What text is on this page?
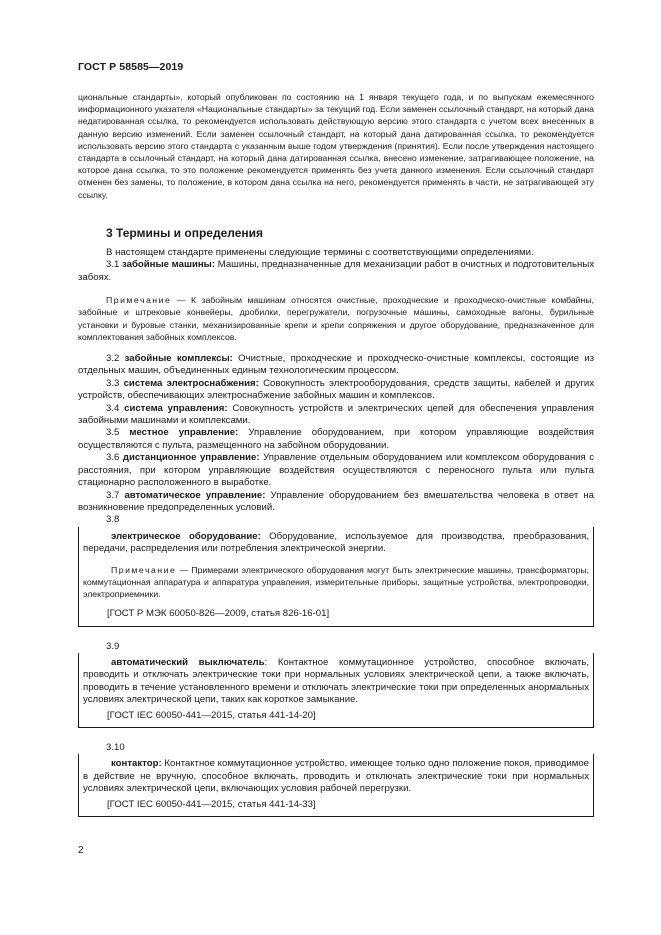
ГОСТ Р 58585—2019

циональные стандарты», который опубликован по состоянию на 1 января текущего года, и по выпускам ежемесячного информационного указателя «Национальные стандарты» за текущий год. Если заменен ссылочный стандарт, на который дана недатированная ссылка, то рекомендуется использовать действующую версию этого стандарта с учетом всех внесенных в данную версию изменений. Если заменен ссылочный стандарт, на который дана датированная ссылка, то рекомендуется использовать версию этого стандарта с указанным выше годом утверждения (принятия). Если после утверждения настоящего стандарта в ссылочный стандарт, на который дана датированная ссылка, внесено изменение, затрагивающее положение, на которое дана ссылка, то это положение рекомендуется применять без учета данного изменения. Если ссылочный стандарт отменен без замены, то положение, в котором дана ссылка на него, рекомендуется применять в части, не затрагивающей эту ссылку.

3 Термины и определения

В настоящем стандарте применены следующие термины с соответствующими определениями.

3.1 забойные машины: Машины, предназначенные для механизации работ в очистных и подготовительных забоях.

Примечание — К забойным машинам относятся очистные, проходческие и проходческо-очистные комбайны, забойные и штрековые конвейеры, дробилки, перегружатели, погрузочные машины, самоходные вагоны, бурильные установки и буровые станки, механизированные крепи и крепи сопряжения и другое оборудование, предназначенное для комплектования забойных комплексов.

3.2 забойные комплексы: Очистные, проходческие и проходческо-очистные комплексы, состоящие из отдельных машин, объединенных единым технологическим процессом.

3.3 система электроснабжения: Совокупность электрооборудования, средств защиты, кабелей и других устройств, обеспечивающих электроснабжение забойных машин и комплексов.

3.4 система управления: Совокупность устройств и электрических цепей для обеспечения управления забойными машинами и комплексами.

3.5 местное управление: Управление оборудованием, при котором управляющие воздействия осуществляются с пульта, размещенного на забойном оборудовании.

3.6 дистанционное управление: Управление отдельным оборудованием или комплексом оборудования с расстояния, при котором управляющие воздействия осуществляются с переносного пульта или пульта стационарно расположенного в выработке.

3.7 автоматическое управление: Управление оборудованием без вмешательства человека в ответ на возникновение предопределенных условий.

3.8

электрическое оборудование: Оборудование, используемое для производства, преобразования, передачи, распределения или потребления электрической энергии.

Примечание — Примерами электрического оборудования могут быть электрические машины, трансформаторы, коммутационная аппаратура и аппаратура управления, измерительные приборы, защитные устройства, электропроводки, электроприемники.

[ГОСТ Р МЭК 60050-826—2009, статья 826-16-01]

3.9

автоматический выключатель: Контактное коммутационное устройство, способное включать, проводить и отключать электрические токи при нормальных условиях электрической цепи, а также включать, проводить в течение установленного времени и отключать электрические токи при определенных анормальных условиях электрической цепи, таких как короткое замыкание.

[ГОСТ IEC 60050-441—2015, статья 441-14-20]

3.10

контактор: Контактное коммутационное устройство, имеющее только одно положение покоя, приводимое в действие не вручную, способное включать, проводить и отключать электрические токи при нормальных условиях электрической цепи, включающих условия рабочей перегрузки.

[ГОСТ IEC 60050-441—2015, статья 441-14-33]

2
